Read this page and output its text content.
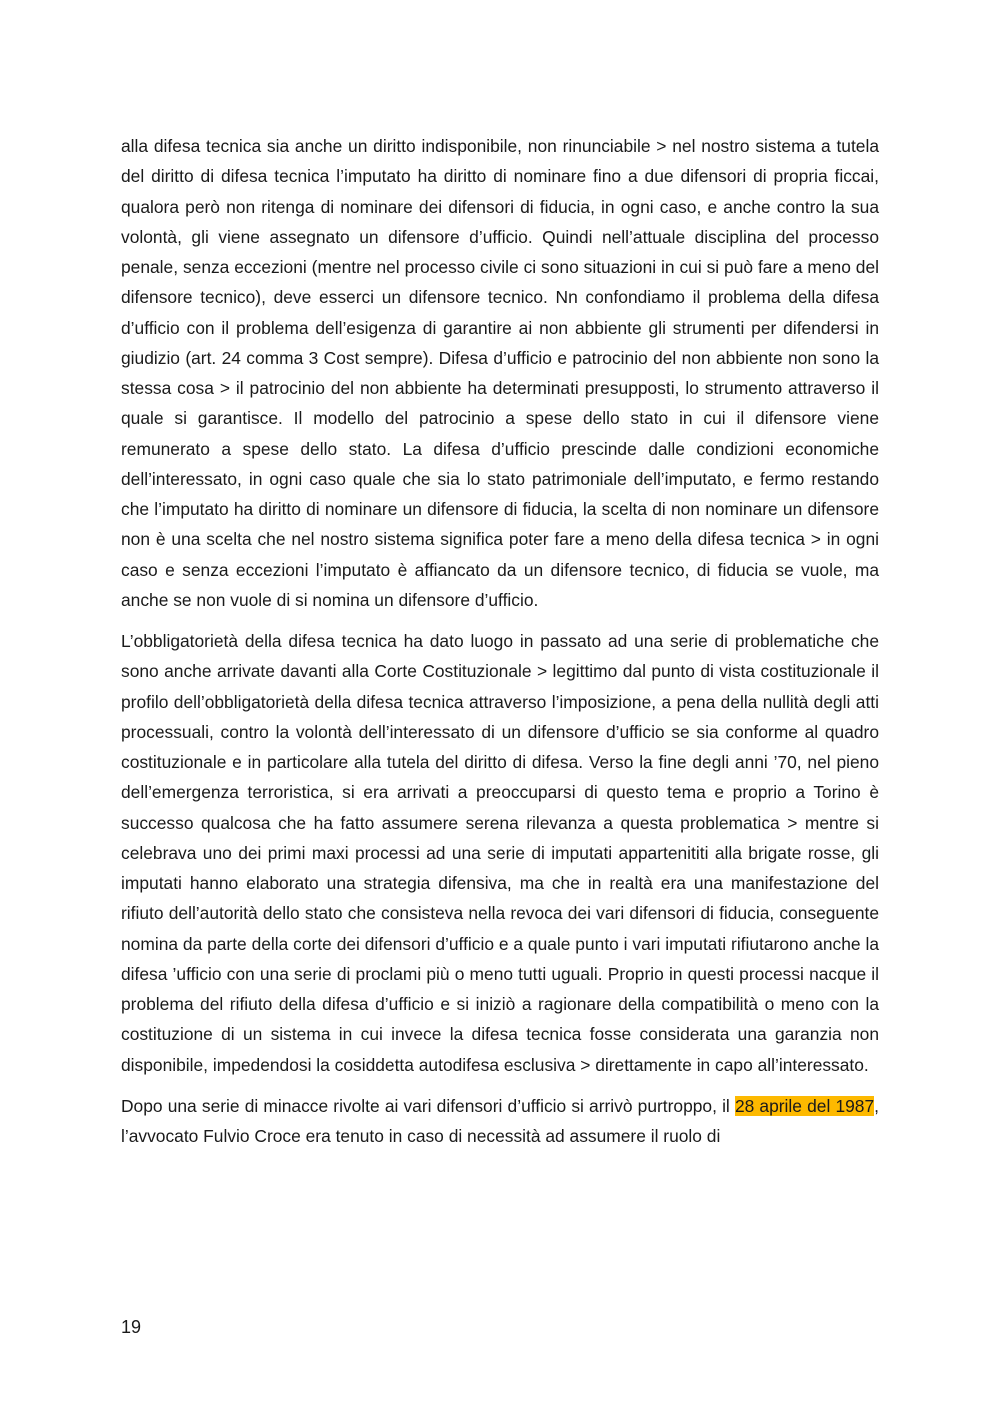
alla difesa tecnica sia anche un diritto indisponibile, non rinunciabile > nel nostro sistema a tutela del diritto di difesa tecnica l’imputato ha diritto di nominare fino a due difensori di propria ficcai, qualora però non ritenga di nominare dei difensori di fiducia, in ogni caso, e anche contro la sua volontà, gli viene assegnato un difensore d’ufficio. Quindi nell’attuale disciplina del processo penale, senza eccezioni (mentre nel processo civile ci sono situazioni in cui si può fare a meno del difensore tecnico), deve esserci un difensore tecnico. Nn confondiamo il problema della difesa d’ufficio con il problema dell’esigenza di garantire ai non abbiente gli strumenti per difendersi in giudizio (art. 24 comma 3 Cost sempre). Difesa d’ufficio e patrocinio del non abbiente non sono la stessa cosa > il patrocinio del non abbiente ha determinati presupposti, lo strumento attraverso il quale si garantisce. Il modello del patrocinio a spese dello stato in cui il difensore viene remunerato a spese dello stato. La difesa d’ufficio prescinde dalle condizioni economiche dell’interessato, in ogni caso quale che sia lo stato patrimoniale dell’imputato, e fermo restando che l’imputato ha diritto di nominare un difensore di fiducia, la scelta di non nominare un difensore non è una scelta che nel nostro sistema significa poter fare a meno della difesa tecnica > in ogni caso e senza eccezioni l’imputato è affiancato da un difensore tecnico, di fiducia se vuole, ma anche se non vuole di si nomina un difensore d’ufficio.

L’obbligatorietà della difesa tecnica ha dato luogo in passato ad una serie di problematiche che sono anche arrivate davanti alla Corte Costituzionale > legittimo dal punto di vista costituzionale il profilo dell’obbligatorietà della difesa tecnica attraverso l’imposizione, a pena della nullità degli atti processuali, contro la volontà dell’interessato di un difensore d’ufficio se sia conforme al quadro costituzionale e in particolare alla tutela del diritto di difesa. Verso la fine degli anni ’70, nel pieno dell’emergenza terroristica, si era arrivati a preoccuparsi di questo tema e proprio a Torino è successo qualcosa che ha fatto assumere serena rilevanza a questa problematica > mentre si celebrava uno dei primi maxi processi ad una serie di imputati appartenititi alla brigate rosse, gli imputati hanno elaborato una strategia difensiva, ma che in realtà era una manifestazione del rifiuto dell’autorità dello stato che consisteva nella revoca dei vari difensori di fiducia, conseguente nomina da parte della corte dei difensori d’ufficio e a quale punto i vari imputati rifiutarono anche la difesa ’ufficio con una serie di proclami più o meno tutti uguali. Proprio in questi processi nacque il problema del rifiuto della difesa d’ufficio e si iniziò a ragionare della compatibilità o meno con la costituzione di un sistema in cui invece la difesa tecnica fosse considerata una garanzia non disponibile, impedendosi la cosiddetta autodifesa esclusiva > direttamente in capo all’interessato.

Dopo una serie di minacce rivolte ai vari difensori d’ufficio si arrivò purtroppo, il 28 aprile del 1987, l’avvocato Fulvio Croce era tenuto in caso di necessità ad assumere il ruolo di

19
